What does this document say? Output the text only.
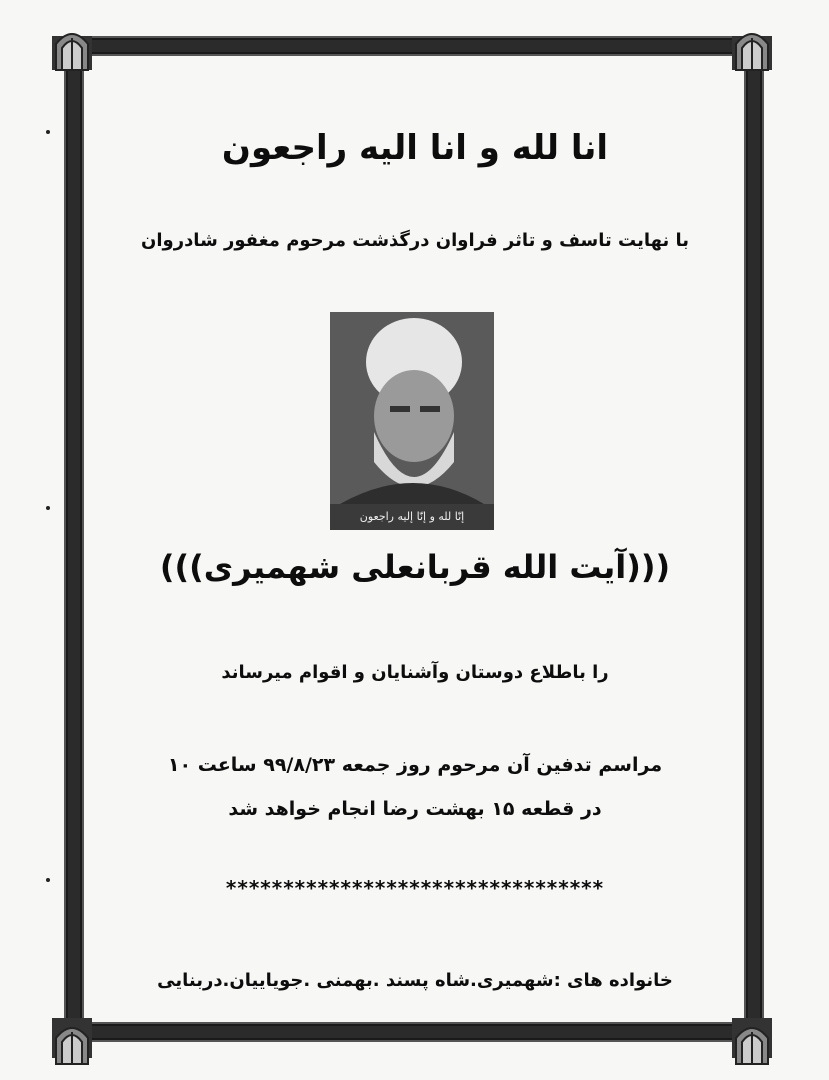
انا لله و انا الیه راجعون
با نهایت تاسف و تاثر فراوان درگذشت مرحوم مغفور شادروان
إنّا لله و إنّا إلیه راجعون
(((آیت الله قربانعلی شهمیری)))
را باطلاع دوستان وآشنایان و اقوام میرساند
مراسم تدفین آن مرحوم روز جمعه ۹۹/۸/۲۳ ساعت ۱۰
در قطعه ۱۵ بهشت رضا انجام خواهد شد
*********************************
خانواده های :شهمیری.شاه پسند .بهمنی .جویاییان.دربنایی
